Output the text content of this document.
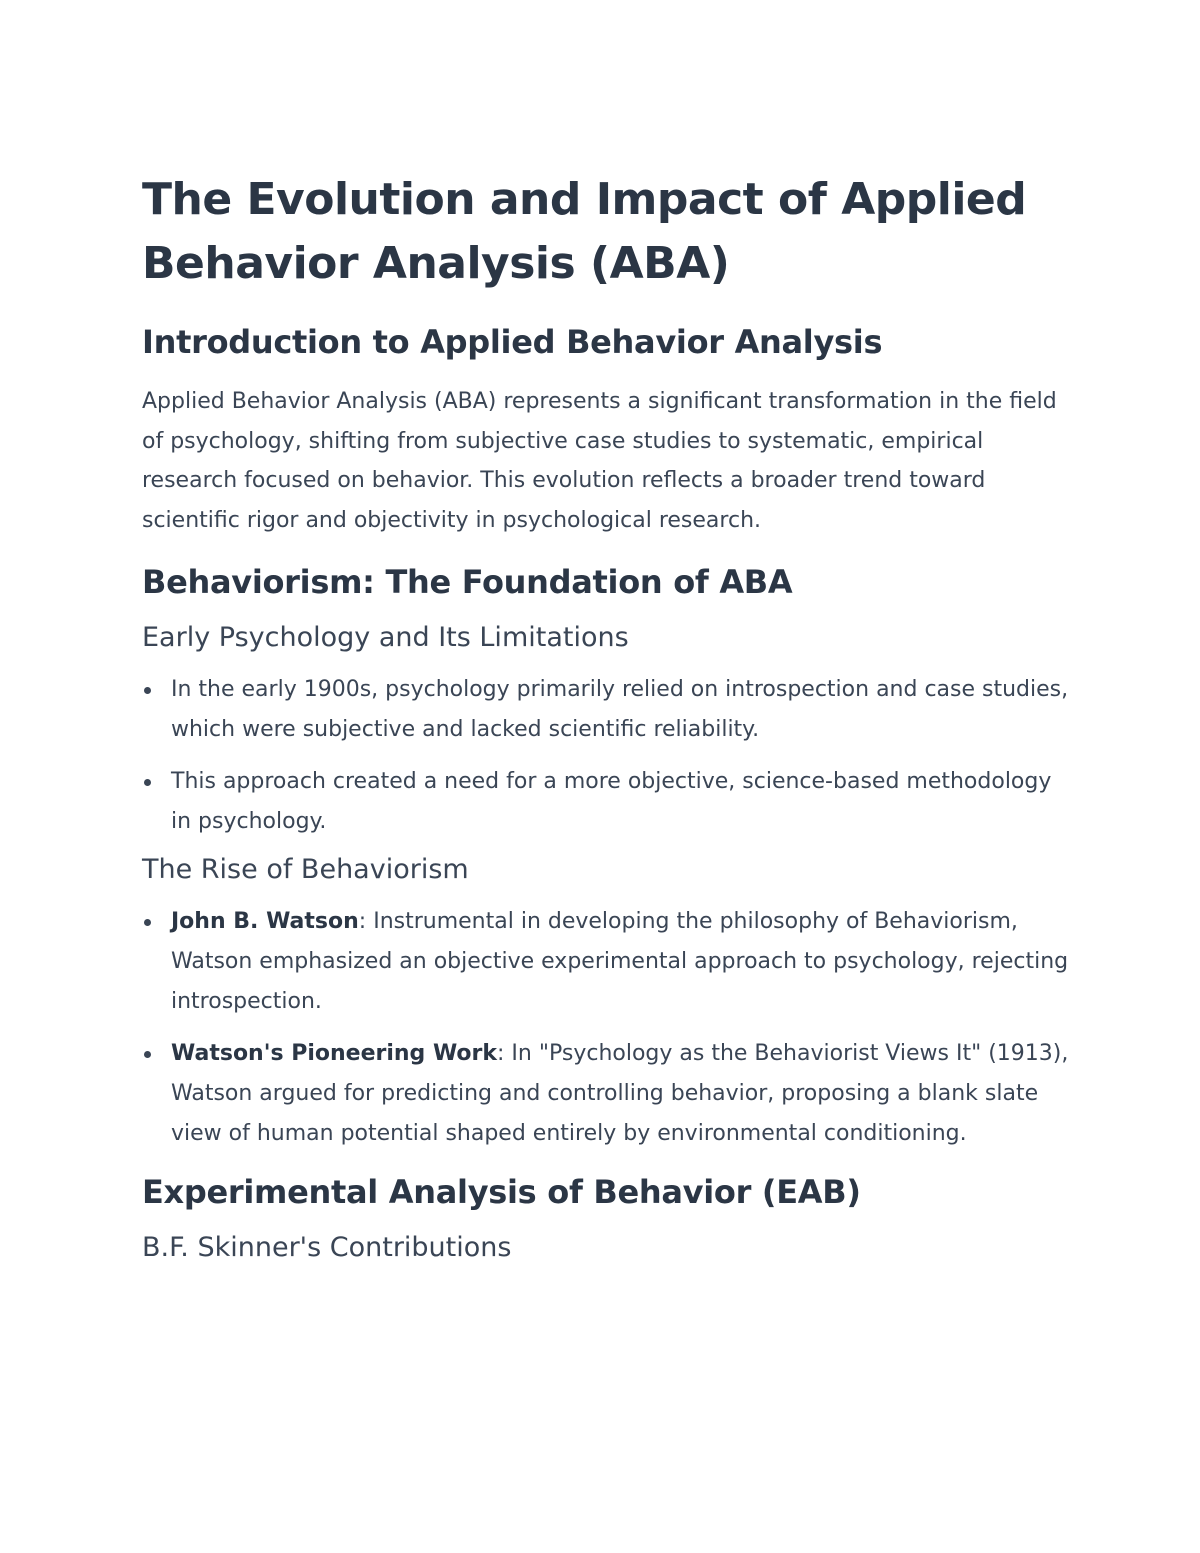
The Evolution and Impact of Applied Behavior Analysis (ABA)
Introduction to Applied Behavior Analysis

Applied Behavior Analysis (ABA) represents a significant transformation in the field of psychology, shifting from subjective case studies to systematic, empirical research focused on behavior. This evolution reflects a broader trend toward scientific rigor and objectivity in psychological research.

Behaviorism: The Foundation of ABA
Early Psychology and Its Limitations
In the early 1900s, psychology primarily relied on introspection and case studies, which were subjective and lacked scientific reliability.
This approach created a need for a more objective, science-based methodology in psychology.
The Rise of Behaviorism
John B. Watson: Instrumental in developing the philosophy of Behaviorism, Watson emphasized an objective experimental approach to psychology, rejecting introspection.
Watson's Pioneering Work: In "Psychology as the Behaviorist Views It" (1913), Watson argued for predicting and controlling behavior, proposing a blank slate view of human potential shaped entirely by environmental conditioning.
Experimental Analysis of Behavior (EAB)
B.F. Skinner's Contributions
